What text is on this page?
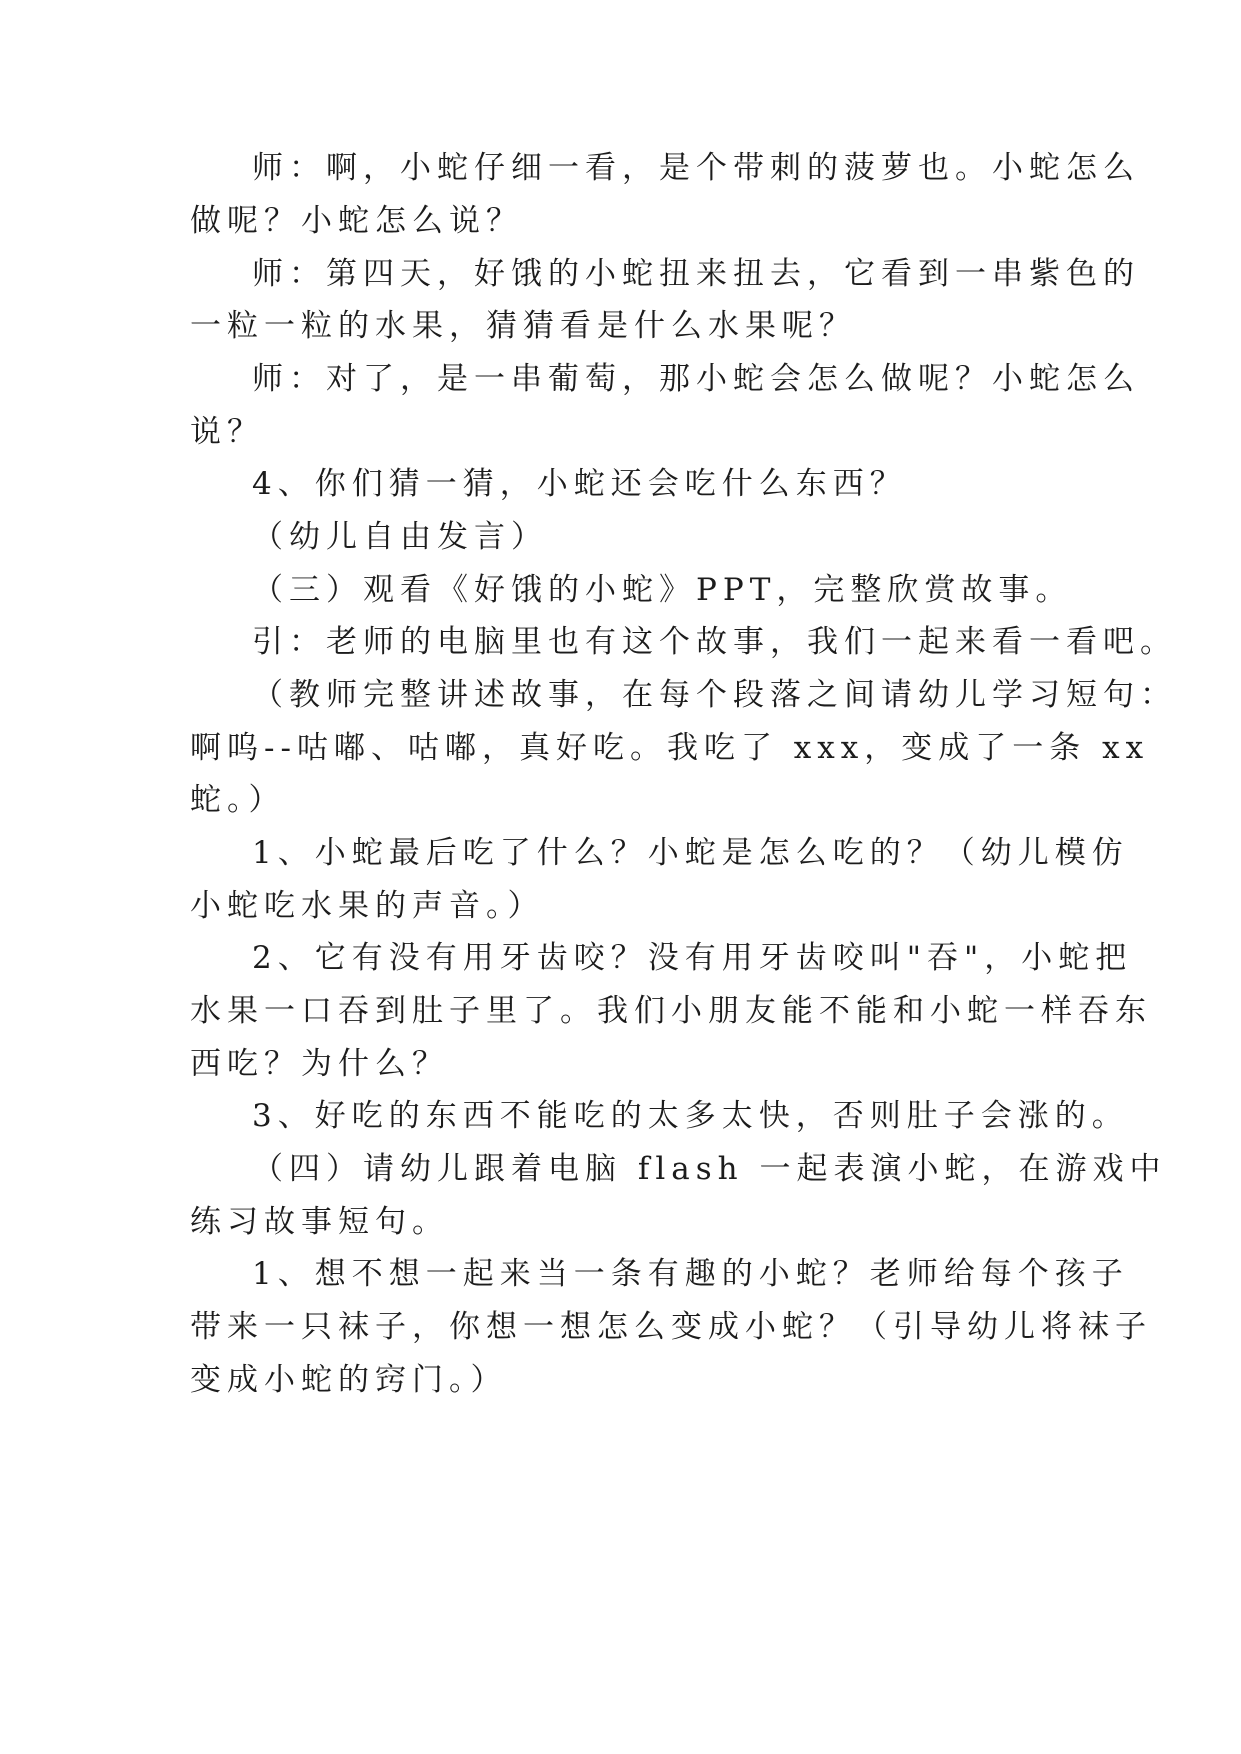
师：啊，小蛇仔细一看，是个带刺的菠萝也。小蛇怎么

做呢？小蛇怎么说？

师：第四天，好饿的小蛇扭来扭去，它看到一串紫色的

一粒一粒的水果，猜猜看是什么水果呢？

师：对了，是一串葡萄，那小蛇会怎么做呢？小蛇怎么

说？

4、你们猜一猜，小蛇还会吃什么东西？

（幼儿自由发言）

（三）观看《好饿的小蛇》PPT，完整欣赏故事。

引：老师的电脑里也有这个故事，我们一起来看一看吧。

（教师完整讲述故事，在每个段落之间请幼儿学习短句：

啊呜--咕嘟、咕嘟，真好吃。我吃了 xxx，变成了一条 xx

蛇。）

1、小蛇最后吃了什么？小蛇是怎么吃的？（幼儿模仿

小蛇吃水果的声音。）

2、它有没有用牙齿咬？没有用牙齿咬叫"吞"，小蛇把

水果一口吞到肚子里了。我们小朋友能不能和小蛇一样吞东

西吃？为什么？

3、好吃的东西不能吃的太多太快，否则肚子会涨的。

（四）请幼儿跟着电脑 flash 一起表演小蛇，在游戏中

练习故事短句。

1、想不想一起来当一条有趣的小蛇？老师给每个孩子

带来一只袜子，你想一想怎么变成小蛇？（引导幼儿将袜子

变成小蛇的窍门。）
